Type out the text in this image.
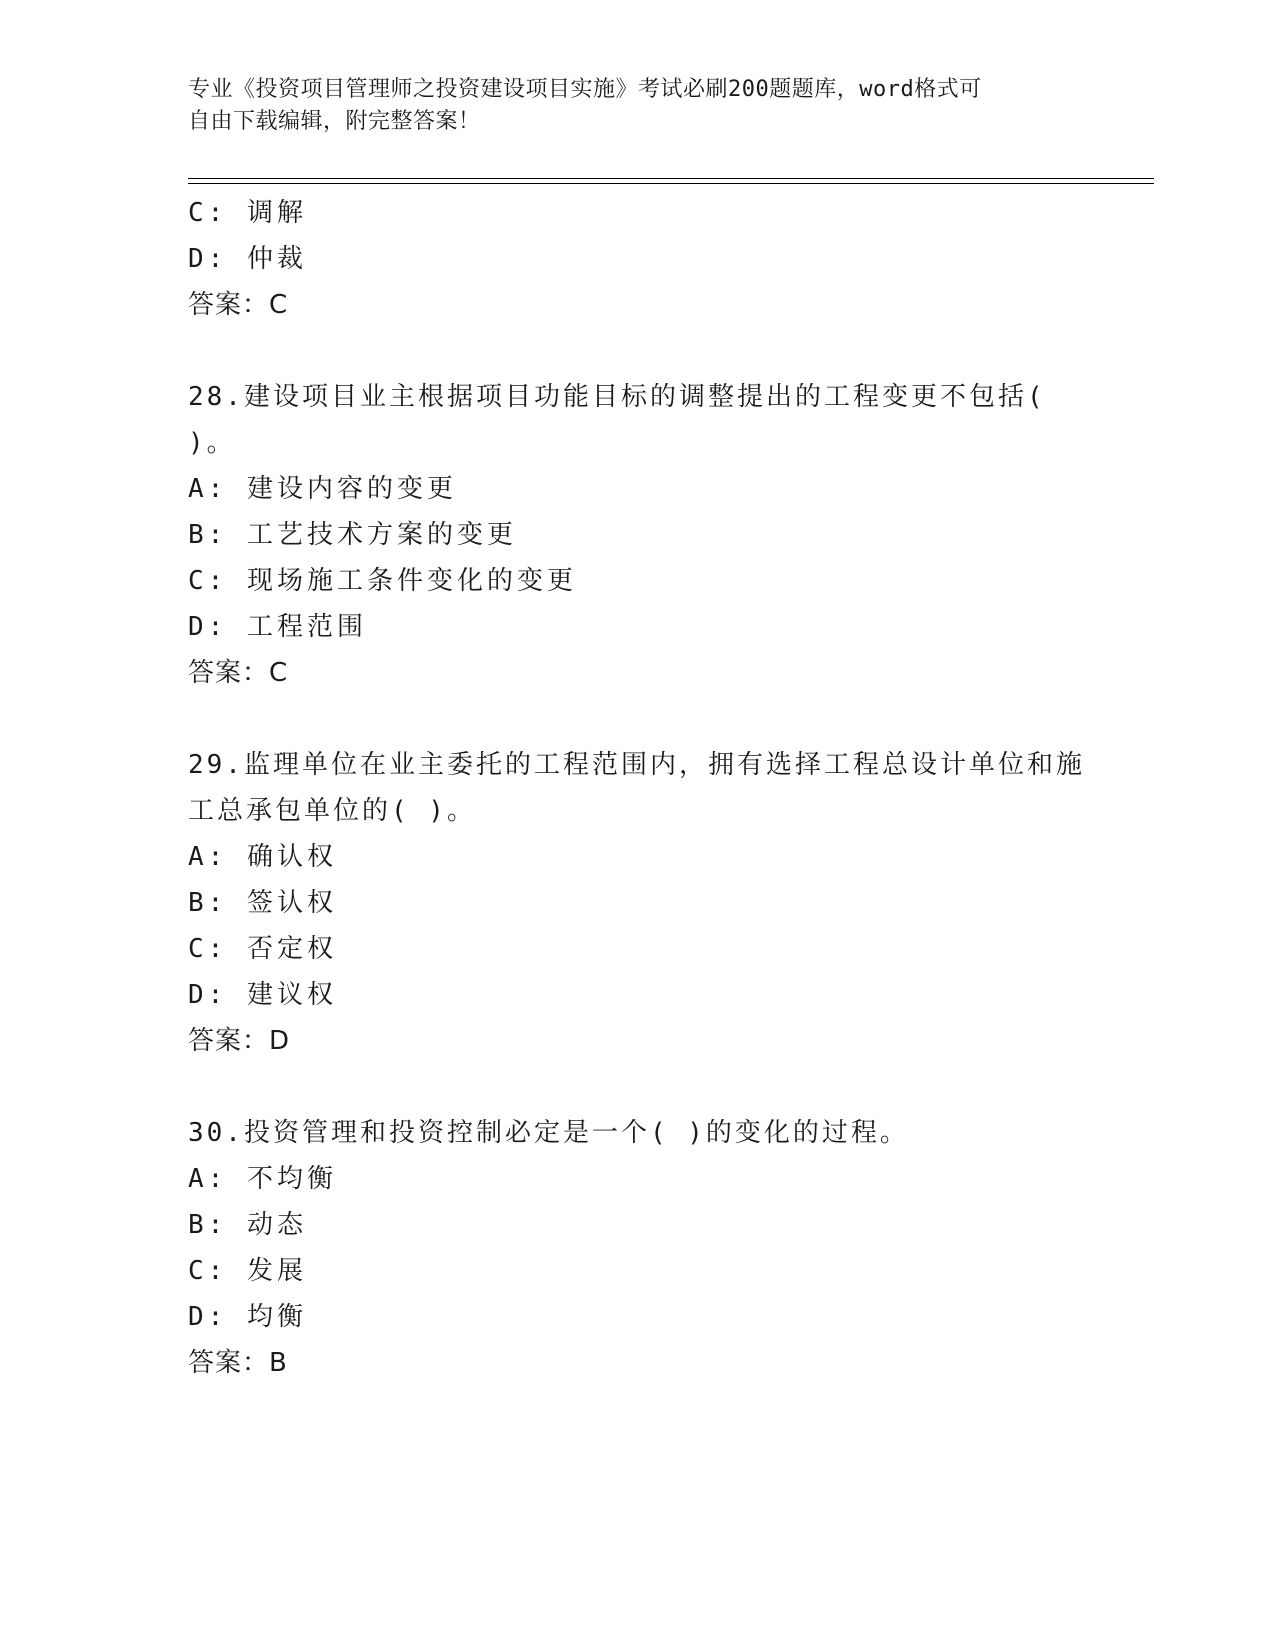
专业《投资项目管理师之投资建设项目实施》考试必刷200题题库，word格式可
自由下载编辑，附完整答案！
C: 调解
D: 仲裁
答案：C
28.建设项目业主根据项目功能目标的调整提出的工程变更不包括(
)。
A: 建设内容的变更
B: 工艺技术方案的变更
C: 现场施工条件变化的变更
D: 工程范围
答案：C
29.监理单位在业主委托的工程范围内，拥有选择工程总设计单位和施
工总承包单位的( )。
A: 确认权
B: 签认权
C: 否定权
D: 建议权
答案：D
30.投资管理和投资控制必定是一个( )的变化的过程。
A: 不均衡
B: 动态
C: 发展
D: 均衡
答案：B
